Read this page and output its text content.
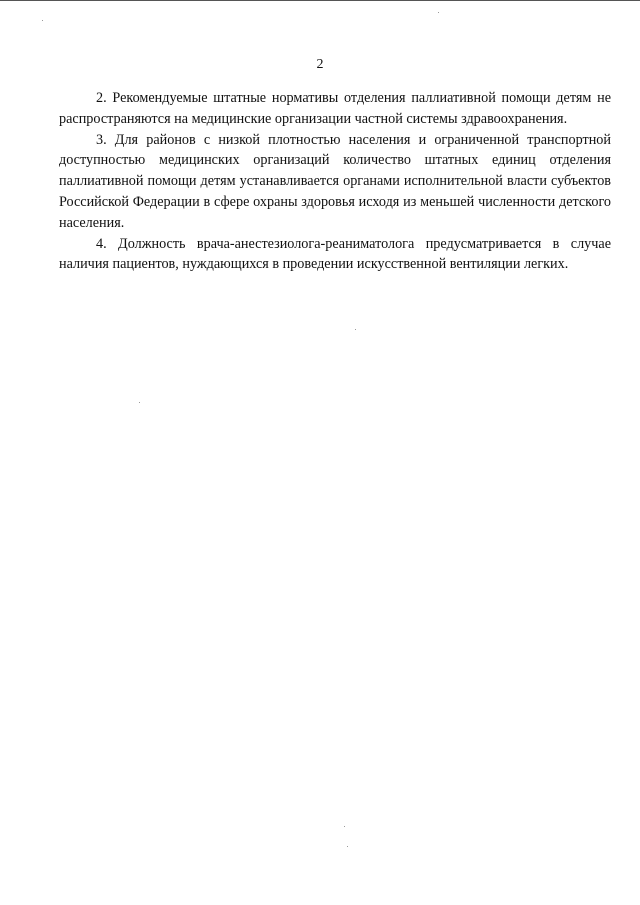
2

2. Рекомендуемые штатные нормативы отделения паллиативной помощи детям не распространяются на медицинские организации частной системы здравоохранения.

3. Для районов с низкой плотностью населения и ограниченной транспортной доступностью медицинских организаций количество штатных единиц отделения паллиативной помощи детям устанавливается органами исполнительной власти субъектов Российской Федерации в сфере охраны здоровья исходя из меньшей численности детского населения.

4. Должность врача-анестезиолога-реаниматолога предусматривается в случае наличия пациентов, нуждающихся в проведении искусственной вентиляции легких.
